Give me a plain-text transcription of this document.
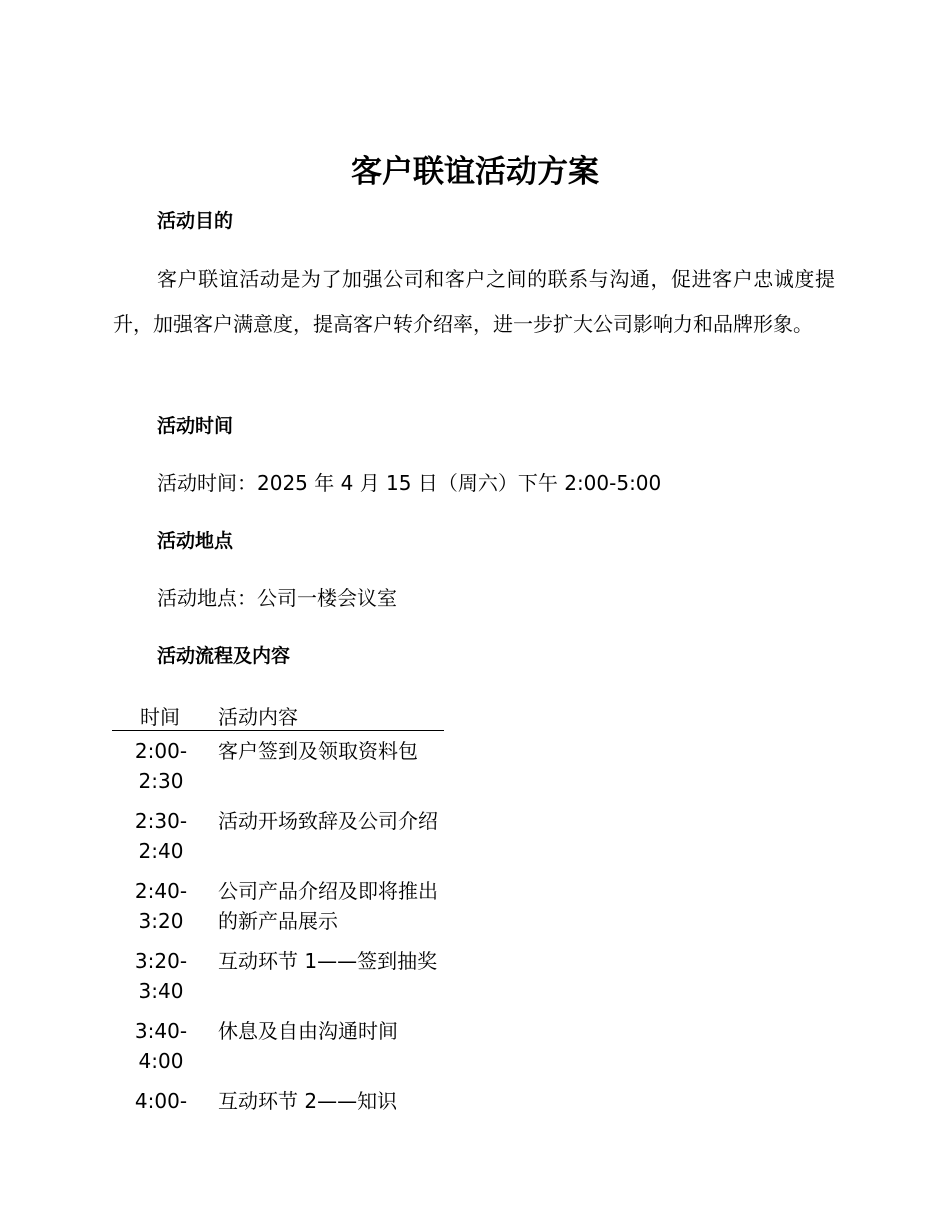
客户联谊活动方案
活动目的
客户联谊活动是为了加强公司和客户之间的联系与沟通，促进客户忠诚度提升，加强客户满意度，提高客户转介绍率，进一步扩大公司影响力和品牌形象。
活动时间
活动时间：2025 年 4 月 15 日（周六）下午 2:00-5:00
活动地点
活动地点：公司一楼会议室
活动流程及内容
时间	活动内容
2:00-
2:30	客户签到及领取资料包
2:30-
2:40	活动开场致辞及公司介绍
2:40-
3:20	公司产品介绍及即将推出的新产品展示
3:20-
3:40	互动环节 1——签到抽奖
3:40-
4:00	休息及自由沟通时间
4:00-	互动环节 2——知识
